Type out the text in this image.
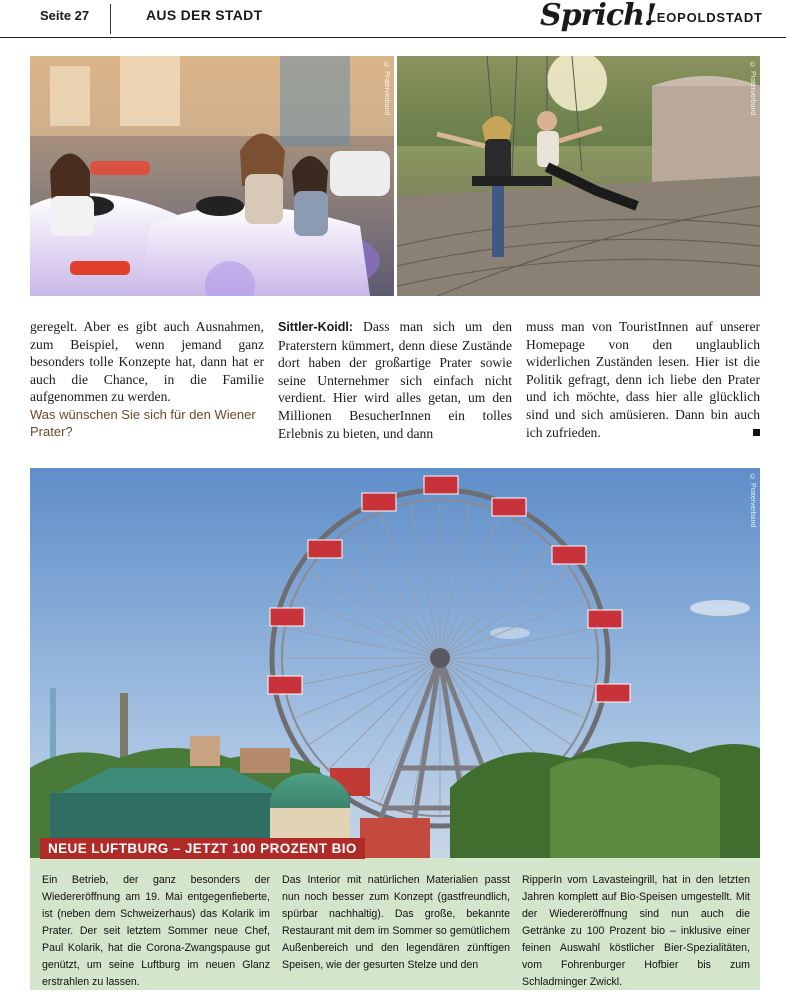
Seite 27	AUS DER STADT	Sprich!
LEOPOLDSTADT
© Praterverband	© Praterverband

geregelt. Aber es gibt auch Ausnahmen, zum Beispiel, wenn jemand ganz besonders tolle Konzepte hat, dann hat er auch die Chance, in die Familie aufgenommen zu werden.

Was wünschen Sie sich für den Wiener Prater?

Sittler-Koidl: Dass man sich um den Praterstern kümmert, denn diese Zustände dort haben der großartige Prater sowie seine Unternehmer sich einfach nicht verdient. Hier wird alles getan, um den Millionen BesucherInnen ein tolles Erlebnis zu bieten, und dann

muss man von TouristInnen auf unserer Homepage von den unglaublich widerlichen Zuständen lesen. Hier ist die Politik gefragt, denn ich liebe den Prater und ich möchte, dass hier alle glücklich sind und sich amüsieren. Dann bin auch ich zufrieden.

© Praterverband
NEUE LUFTBURG – JETZT 100 PROZENT BIO

Ein Betrieb, der ganz besonders der Wiedereröffnung am 19. Mai entgegenfieberte, ist (neben dem Schweizerhaus) das Kolarik im Prater. Der seit letztem Sommer neue Chef, Paul Kolarik, hat die Corona-Zwangspause gut genützt, um seine Luftburg im neuen Glanz erstrahlen zu lassen.

Das Interior mit natürlichen Materialien passt nun noch besser zum Konzept (gastfreundlich, spürbar nachhaltig). Das große, bekannte Restaurant mit dem im Sommer so gemütlichem Außenbereich und den legendären zünftigen Speisen, wie der gesurten Stelze und den

RipperIn vom Lavasteingrill, hat in den letzten Jahren komplett auf Bio-Speisen umgestellt. Mit der Wiedereröffnung sind nun auch die Getränke zu 100 Prozent bio – inklusive einer feinen Auswahl köstlicher Bier-Spezialitäten, vom Fohrenburger Hofbier bis zum Schladminger Zwickl.
